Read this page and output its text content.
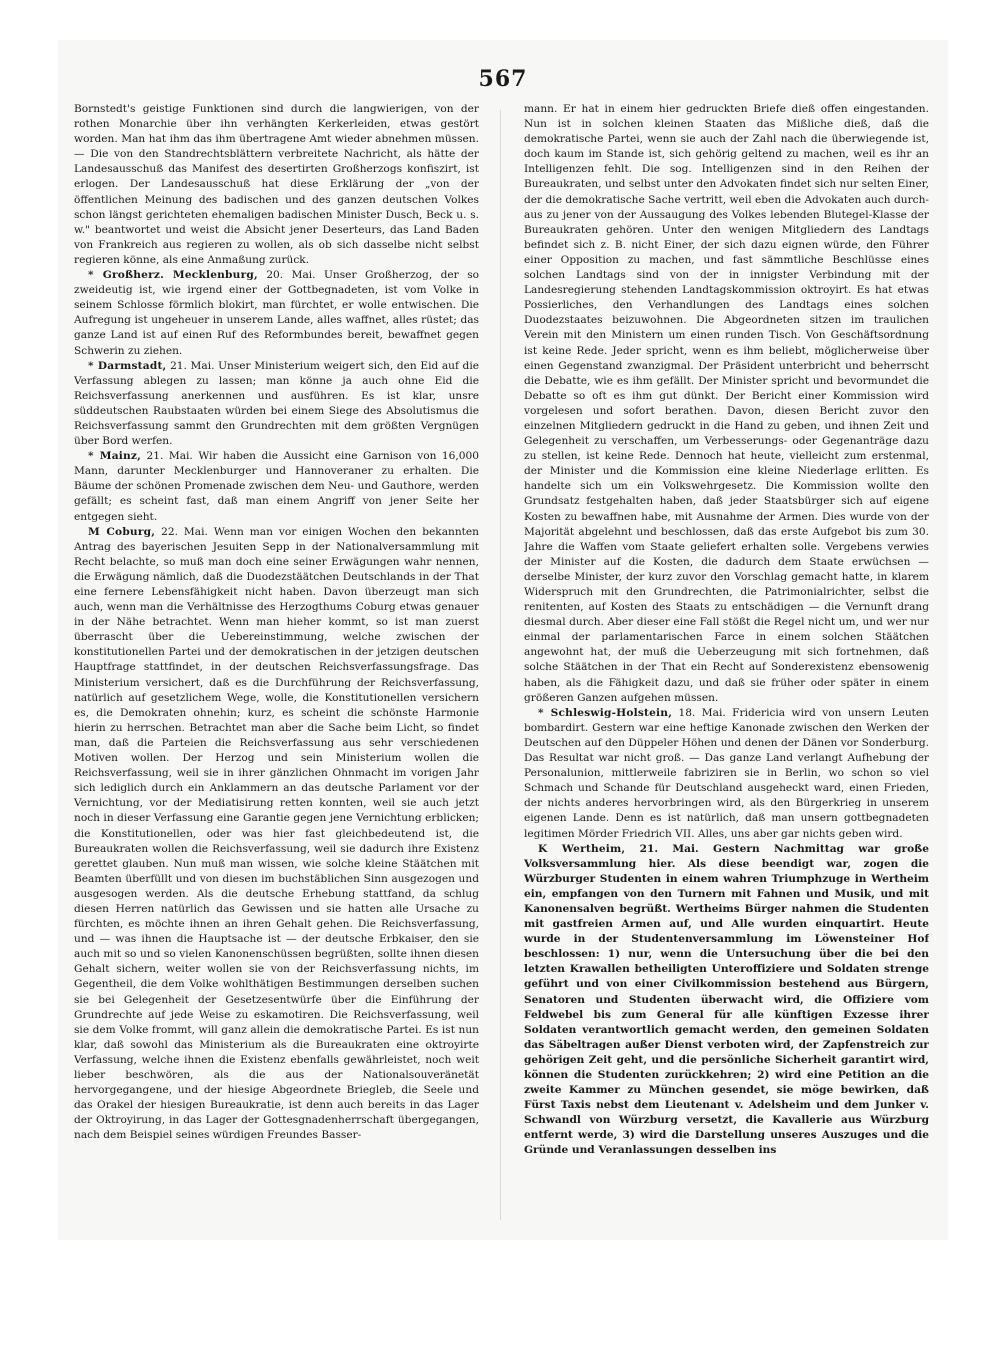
567

Bornstedt's geistige Funktionen sind durch die langwierigen, von der rothen Monarchie über ihn verhängten Kerkerleiden, etwas gestört worden. Man hat ihm das ihm übertragene Amt wieder abnehmen müssen. — Die von den Standrechtsblättern verbreitete Nachricht, als hätte der Landesausschuß das Manifest des desertirten Großherzogs konfiszirt, ist erlogen. Der Landesausschuß hat diese Erklärung der „von der öffentlichen Meinung des badischen und des ganzen deutschen Volkes schon längst gerichteten ehemaligen badischen Minister Dusch, Beck u. s. w." beantwortet und weist die Absicht jener Deserteurs, das Land Baden von Frankreich aus regieren zu wollen, als ob sich dasselbe nicht selbst regieren könne, als eine Anmaßung zurück.

* Großherz. Mecklenburg, 20. Mai. Unser Großherzog, der so zweideutig ist, wie irgend einer der Gottbegnadeten, ist vom Volke in seinem Schlosse förmlich blokirt, man fürchtet, er wolle entwischen. Die Aufregung ist ungeheuer in unserem Lande, alles waffnet, alles rüstet; das ganze Land ist auf einen Ruf des Reformbundes bereit, bewaffnet gegen Schwerin zu ziehen.

* Darmstadt, 21. Mai. Unser Ministerium weigert sich, den Eid auf die Verfassung ablegen zu lassen; man könne ja auch ohne Eid die Reichsverfassung anerkennen und ausführen. Es ist klar, unsre süddeutschen Raubstaaten würden bei einem Siege des Absolutismus die Reichsverfassung sammt den Grundrechten mit dem größten Vergnügen über Bord werfen.

* Mainz, 21. Mai. Wir haben die Aussicht eine Garnison von 16,000 Mann, darunter Mecklenburger und Hannoveraner zu erhalten. Die Bäume der schönen Promenade zwischen dem Neu- und Gauthore, werden gefällt; es scheint fast, daß man einem Angriff von jener Seite her entgegen sieht.

M Coburg, 22. Mai. Wenn man vor einigen Wochen den bekannten Antrag des bayerischen Jesuiten Sepp in der Nationalversammlung mit Recht belachte, so muß man doch eine seiner Erwägungen wahr nennen, die Erwägung nämlich, daß die Duodezstäätchen Deutschlands in der That eine fernere Lebensfähigkeit nicht haben. Davon überzeugt man sich auch, wenn man die Verhältnisse des Herzogthums Coburg etwas genauer in der Nähe betrachtet. Wenn man hieher kommt, so ist man zuerst überrascht über die Uebereinstimmung, welche zwischen der konstitutionellen Partei und der demokratischen in der jetzigen deutschen Hauptfrage stattfindet, in der deutschen Reichsverfassungsfrage. Das Ministerium versichert, daß es die Durchführung der Reichsverfassung, natürlich auf gesetzlichem Wege, wolle, die Konstitutionellen versichern es, die Demokraten ohnehin; kurz, es scheint die schönste Harmonie hierin zu herrschen. Betrachtet man aber die Sache beim Licht, so findet man, daß die Parteien die Reichsverfassung aus sehr verschiedenen Motiven wollen. Der Herzog und sein Ministerium wollen die Reichsverfassung, weil sie in ihrer gänzlichen Ohnmacht im vorigen Jahr sich lediglich durch ein Anklammern an das deutsche Parlament vor der Vernichtung, vor der Mediatisirung retten konnten, weil sie auch jetzt noch in dieser Verfassung eine Garantie gegen jene Vernichtung erblicken; die Konstitutionellen, oder was hier fast gleichbedeutend ist, die Bureaukraten wollen die Reichsverfassung, weil sie dadurch ihre Existenz gerettet glauben. Nun muß man wissen, wie solche kleine Stäätchen mit Beamten überfüllt und von diesen im buchstäblichen Sinn ausgezogen und ausgesogen werden. Als die deutsche Erhebung stattfand, da schlug diesen Herren natürlich das Gewissen und sie hatten alle Ursache zu fürchten, es möchte ihnen an ihren Gehalt gehen. Die Reichsverfassung, und — was ihnen die Hauptsache ist — der deutsche Erbkaiser, den sie auch mit so und so vielen Kanonenschüssen begrüßten, sollte ihnen diesen Gehalt sichern, weiter wollen sie von der Reichsverfassung nichts, im Gegentheil, die dem Volke wohlthätigen Bestimmungen derselben suchen sie bei Gelegenheit der Gesetzesentwürfe über die Einführung der Grundrechte auf jede Weise zu eskamotiren. Die Reichsverfassung, weil sie dem Volke frommt, will ganz allein die demokratische Partei. Es ist nun klar, daß sowohl das Ministerium als die Bureaukraten eine oktroyirte Verfassung, welche ihnen die Existenz ebenfalls gewährleistet, noch weit lieber beschwören, als die aus der Nationalsouveränetät hervorgegangene, und der hiesige Abgeordnete Briegleb, die Seele und das Orakel der hiesigen Bureaukratie, ist denn auch bereits in das Lager der Oktroyirung, in das Lager der Gottesgnadenherrschaft übergegangen, nach dem Beispiel seines würdigen Freundes Basser-

mann. Er hat in einem hier gedruckten Briefe dieß offen eingestanden. Nun ist in solchen kleinen Staaten das Mißliche dieß, daß die demokratische Partei, wenn sie auch der Zahl nach die überwiegende ist, doch kaum im Stande ist, sich gehörig geltend zu machen, weil es ihr an Intelligenzen fehlt. Die sog. Intelligenzen sind in den Reihen der Bureaukraten, und selbst unter den Advokaten findet sich nur selten Einer, der die demokratische Sache vertritt, weil eben die Advokaten auch durch- aus zu jener von der Aussaugung des Volkes lebenden Blutegel-Klasse der Bureaukraten gehören. Unter den wenigen Mitgliedern des Landtags befindet sich z. B. nicht Einer, der sich dazu eignen würde, den Führer einer Opposition zu machen, und fast sämmtliche Beschlüsse eines solchen Landtags sind von der in innigster Verbindung mit der Landesregierung stehenden Landtagskommission oktroyirt. Es hat etwas Possierliches, den Verhandlungen des Landtags eines solchen Duodezstaates beizuwohnen. Die Abgeordneten sitzen im traulichen Verein mit den Ministern um einen runden Tisch. Von Geschäftsordnung ist keine Rede. Jeder spricht, wenn es ihm beliebt, möglicherweise über einen Gegenstand zwanzigmal. Der Präsident unterbricht und beherrscht die Debatte, wie es ihm gefällt. Der Minister spricht und bevormundet die Debatte so oft es ihm gut dünkt. Der Bericht einer Kommission wird vorgelesen und sofort berathen. Davon, diesen Bericht zuvor den einzelnen Mitgliedern gedruckt in die Hand zu geben, und ihnen Zeit und Gelegenheit zu verschaffen, um Verbesserungs- oder Gegenanträge dazu zu stellen, ist keine Rede. Dennoch hat heute, vielleicht zum erstenmal, der Minister und die Kommission eine kleine Niederlage erlitten. Es handelte sich um ein Volkswehrgesetz. Die Kommission wollte den Grundsatz festgehalten haben, daß jeder Staatsbürger sich auf eigene Kosten zu bewaffnen habe, mit Ausnahme der Armen. Dies wurde von der Majorität abgelehnt und beschlossen, daß das erste Aufgebot bis zum 30. Jahre die Waffen vom Staate geliefert erhalten solle. Vergebens verwies der Minister auf die Kosten, die dadurch dem Staate erwüchsen — derselbe Minister, der kurz zuvor den Vorschlag gemacht hatte, in klarem Widerspruch mit den Grundrechten, die Patrimonialrichter, selbst die renitenten, auf Kosten des Staats zu entschädigen — die Vernunft drang diesmal durch. Aber dieser eine Fall stößt die Regel nicht um, und wer nur einmal der parlamentarischen Farce in einem solchen Stäätchen angewohnt hat, der muß die Ueberzeugung mit sich fortnehmen, daß solche Stäätchen in der That ein Recht auf Sonderexistenz ebensowenig haben, als die Fähigkeit dazu, und daß sie früher oder später in einem größeren Ganzen aufgehen müssen.

* Schleswig-Holstein, 18. Mai. Fridericia wird von unsern Leuten bombardirt. Gestern war eine heftige Kanonade zwischen den Werken der Deutschen auf den Düppeler Höhen und denen der Dänen vor Sonderburg. Das Resultat war nicht groß. — Das ganze Land verlangt Aufhebung der Personalunion, mittlerweile fabriziren sie in Berlin, wo schon so viel Schmach und Schande für Deutschland ausgeheckt ward, einen Frieden, der nichts anderes hervorbringen wird, als den Bürgerkrieg in unserem eigenen Lande. Denn es ist natürlich, daß man unsern gottbegnadeten legitimen Mörder Friedrich VII. Alles, uns aber gar nichts geben wird.

K Wertheim, 21. Mai. Gestern Nachmittag war große Volksversammlung hier. Als diese beendigt war, zogen die Würzburger Studenten in einem wahren Triumphzuge in Wertheim ein, empfangen von den Turnern mit Fahnen und Musik, und mit Kanonensalven begrüßt. Wertheims Bürger nahmen die Studenten mit gastfreien Armen auf, und Alle wurden einquartirt. Heute wurde in der Studentenversammlung im Löwensteiner Hof beschlossen: 1) nur, wenn die Untersuchung über die bei den letzten Krawallen betheiligten Unteroffiziere und Soldaten strenge geführt und von einer Civilkommission bestehend aus Bürgern, Senatoren und Studenten überwacht wird, die Offiziere vom Feldwebel bis zum General für alle künftigen Exzesse ihrer Soldaten verantwortlich gemacht werden, den gemeinen Soldaten das Säbeltragen außer Dienst verboten wird, der Zapfenstreich zur gehörigen Zeit geht, und die persönliche Sicherheit garantirt wird, können die Studenten zurückkehren; 2) wird eine Petition an die zweite Kammer zu München gesendet, sie möge bewirken, daß Fürst Taxis nebst dem Lieutenant v. Adelsheim und dem Junker v. Schwandl von Würzburg versetzt, die Kavallerie aus Würzburg entfernt werde, 3) wird die Darstellung unseres Auszuges und die Gründe und Veranlassungen desselben ins
